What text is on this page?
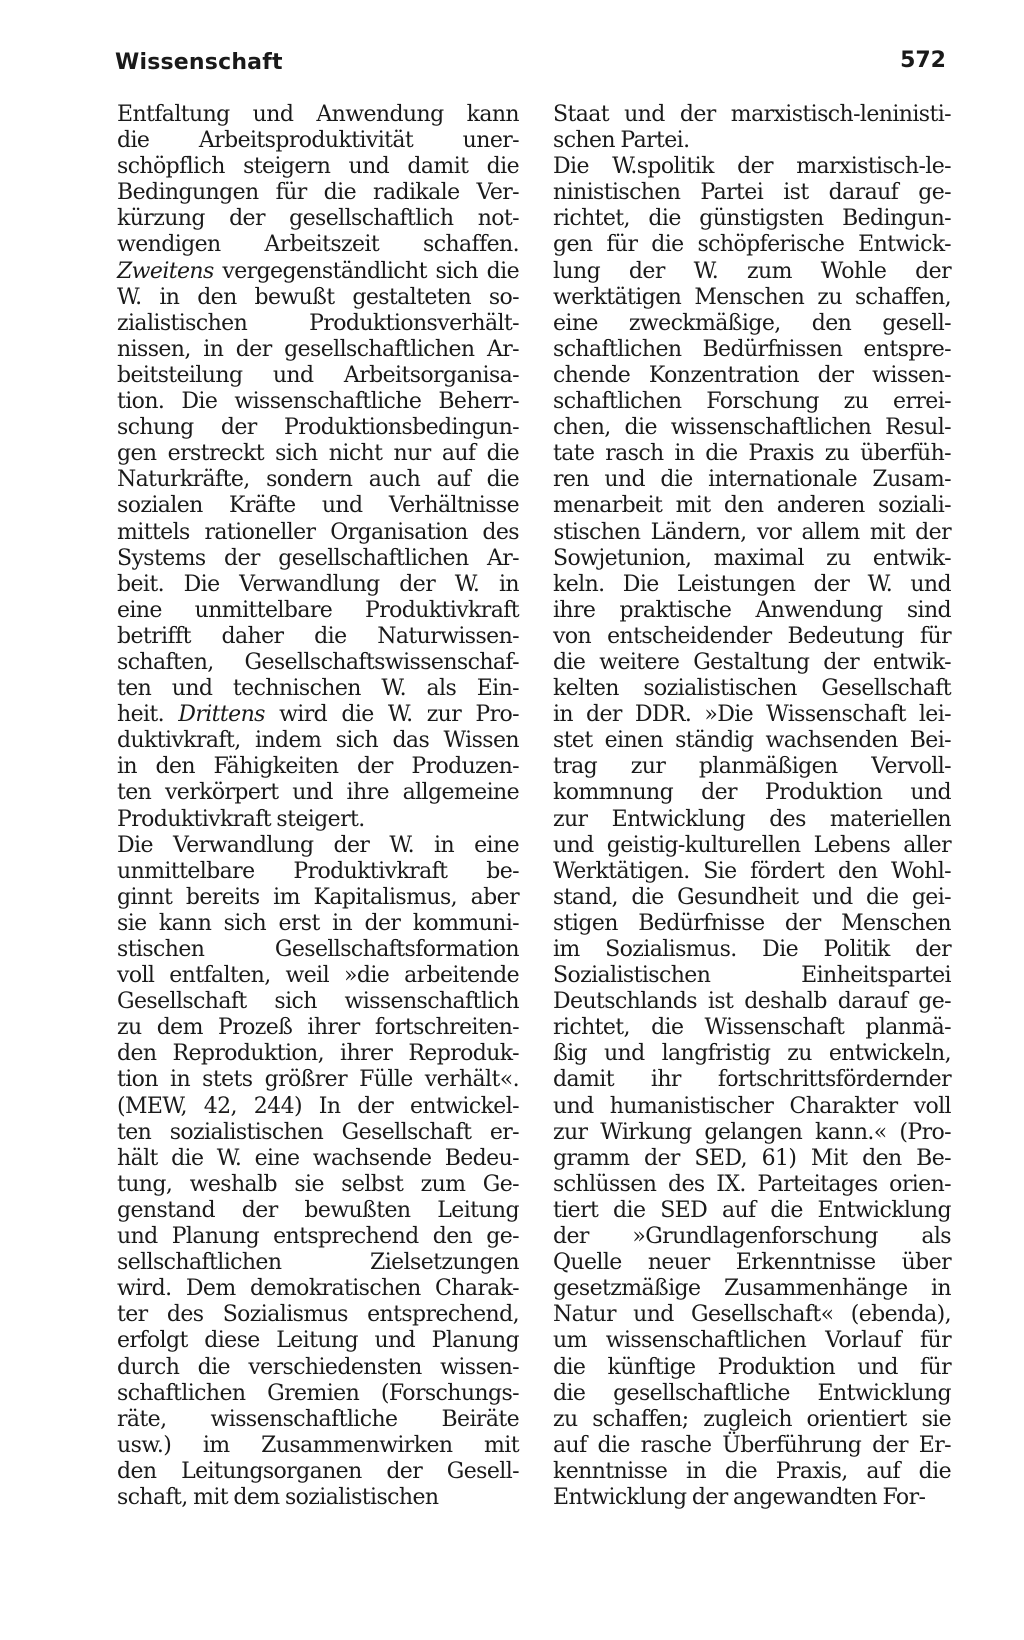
Wissenschaft	572
Entfaltung und Anwendung kann
die Arbeitsproduktivität uner-
schöpflich steigern und damit die
Bedingungen für die radikale Ver-
kürzung der gesellschaftlich not-
wendigen Arbeitszeit schaffen.
Zweitens vergegenständlicht sich die
W. in den bewußt gestalteten so-
zialistischen Produktionsverhält-
nissen, in der gesellschaftlichen Ar-
beitsteilung und Arbeitsorganisa-
tion. Die wissenschaftliche Beherr-
schung der Produktionsbedingun-
gen erstreckt sich nicht nur auf die
Naturkräfte, sondern auch auf die
sozialen Kräfte und Verhältnisse
mittels rationeller Organisation des
Systems der gesellschaftlichen Ar-
beit. Die Verwandlung der W. in
eine unmittelbare Produktivkraft
betrifft daher die Naturwissen-
schaften, Gesellschaftswissenschaf-
ten und technischen W. als Ein-
heit. Drittens wird die W. zur Pro-
duktivkraft, indem sich das Wissen
in den Fähigkeiten der Produzen-
ten verkörpert und ihre allgemeine
Produktivkraft steigert.
Die Verwandlung der W. in eine
unmittelbare Produktivkraft be-
ginnt bereits im Kapitalismus, aber
sie kann sich erst in der kommuni-
stischen Gesellschaftsformation
voll entfalten, weil »die arbeitende
Gesellschaft sich wissenschaftlich
zu dem Prozeß ihrer fortschreiten-
den Reproduktion, ihrer Reproduk-
tion in stets größrer Fülle verhält«.
(MEW, 42, 244) In der entwickel-
ten sozialistischen Gesellschaft er-
hält die W. eine wachsende Bedeu-
tung, weshalb sie selbst zum Ge-
genstand der bewußten Leitung
und Planung entsprechend den ge-
sellschaftlichen Zielsetzungen
wird. Dem demokratischen Charak-
ter des Sozialismus entsprechend,
erfolgt diese Leitung und Planung
durch die verschiedensten wissen-
schaftlichen Gremien (Forschungs-
räte, wissenschaftliche Beiräte
usw.) im Zusammenwirken mit
den Leitungsorganen der Gesell-
schaft, mit dem sozialistischen
Staat und der marxistisch-leninisti-
schen Partei.
Die W.spolitik der marxistisch-le-
ninistischen Partei ist darauf ge-
richtet, die günstigsten Bedingun-
gen für die schöpferische Entwick-
lung der W. zum Wohle der
werktätigen Menschen zu schaffen,
eine zweckmäßige, den gesell-
schaftlichen Bedürfnissen entspre-
chende Konzentration der wissen-
schaftlichen Forschung zu errei-
chen, die wissenschaftlichen Resul-
tate rasch in die Praxis zu überfüh-
ren und die internationale Zusam-
menarbeit mit den anderen soziali-
stischen Ländern, vor allem mit der
Sowjetunion, maximal zu entwik-
keln. Die Leistungen der W. und
ihre praktische Anwendung sind
von entscheidender Bedeutung für
die weitere Gestaltung der entwik-
kelten sozialistischen Gesellschaft
in der DDR. »Die Wissenschaft lei-
stet einen ständig wachsenden Bei-
trag zur planmäßigen Vervoll-
kommnung der Produktion und
zur Entwicklung des materiellen
und geistig-kulturellen Lebens aller
Werktätigen. Sie fördert den Wohl-
stand, die Gesundheit und die gei-
stigen Bedürfnisse der Menschen
im Sozialismus. Die Politik der
Sozialistischen Einheitspartei
Deutschlands ist deshalb darauf ge-
richtet, die Wissenschaft planmä-
ßig und langfristig zu entwickeln,
damit ihr fortschrittsfördernder
und humanistischer Charakter voll
zur Wirkung gelangen kann.« (Pro-
gramm der SED, 61) Mit den Be-
schlüssen des IX. Parteitages orien-
tiert die SED auf die Entwicklung
der »Grundlagenforschung als
Quelle neuer Erkenntnisse über
gesetzmäßige Zusammenhänge in
Natur und Gesellschaft« (ebenda),
um wissenschaftlichen Vorlauf für
die künftige Produktion und für
die gesellschaftliche Entwicklung
zu schaffen; zugleich orientiert sie
auf die rasche Überführung der Er-
kenntnisse in die Praxis, auf die
Entwicklung der angewandten For-
